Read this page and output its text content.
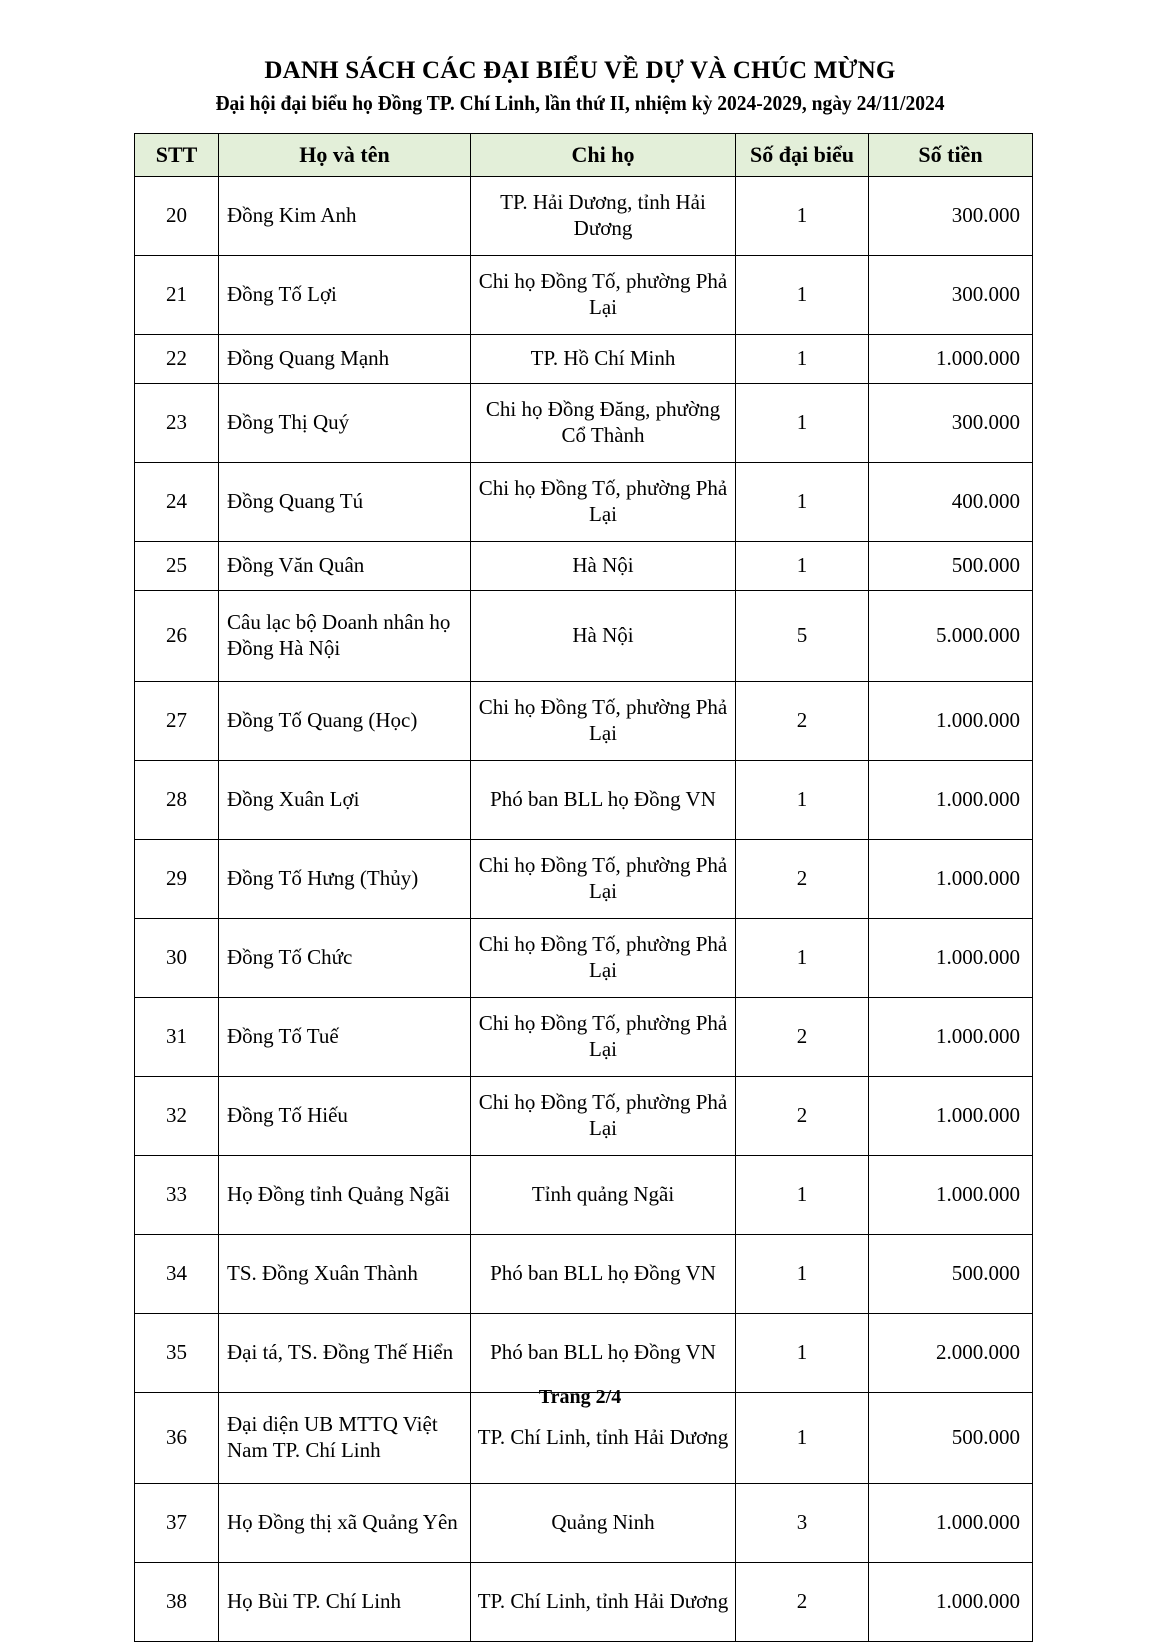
DANH SÁCH CÁC ĐẠI BIỂU VỀ DỰ VÀ CHÚC MỪNG
Đại hội đại biểu họ Đồng TP. Chí Linh, lần thứ II, nhiệm kỳ 2024-2029, ngày 24/11/2024
STT	Họ và tên	Chi họ	Số đại biểu	Số tiền
20	Đồng Kim Anh	TP. Hải Dương, tỉnh Hải Dương	1	300.000
21	Đồng Tố Lợi	Chi họ Đồng Tố, phường Phả Lại	1	300.000
22	Đồng Quang Mạnh	TP. Hồ Chí Minh	1	1.000.000
23	Đồng Thị Quý	Chi họ Đồng Đăng, phường Cổ Thành	1	300.000
24	Đồng Quang Tú	Chi họ Đồng Tố, phường Phả Lại	1	400.000
25	Đồng Văn Quân	Hà Nội	1	500.000
26	Câu lạc bộ Doanh nhân họ Đồng Hà Nội	Hà Nội	5	5.000.000
27	Đồng Tố Quang (Học)	Chi họ Đồng Tố, phường Phả Lại	2	1.000.000
28	Đồng Xuân Lợi	Phó ban BLL họ Đồng VN	1	1.000.000
29	Đồng Tố Hưng (Thủy)	Chi họ Đồng Tố, phường Phả Lại	2	1.000.000
30	Đồng Tố Chức	Chi họ Đồng Tố, phường Phả Lại	1	1.000.000
31	Đồng Tố Tuế	Chi họ Đồng Tố, phường Phả Lại	2	1.000.000
32	Đồng Tố Hiếu	Chi họ Đồng Tố, phường Phả Lại	2	1.000.000
33	Họ Đồng tỉnh Quảng Ngãi	Tỉnh quảng Ngãi	1	1.000.000
34	TS. Đồng Xuân Thành	Phó ban BLL họ Đồng VN	1	500.000
35	Đại tá, TS. Đồng Thế Hiển	Phó ban BLL họ Đồng VN	1	2.000.000
36	Đại diện UB MTTQ Việt Nam TP. Chí Linh	TP. Chí Linh, tỉnh Hải Dương	1	500.000
37	Họ Đồng thị xã Quảng Yên	Quảng Ninh	3	1.000.000
38	Họ Bùi TP. Chí Linh	TP. Chí Linh, tỉnh Hải Dương	2	1.000.000
Trang 2/4
